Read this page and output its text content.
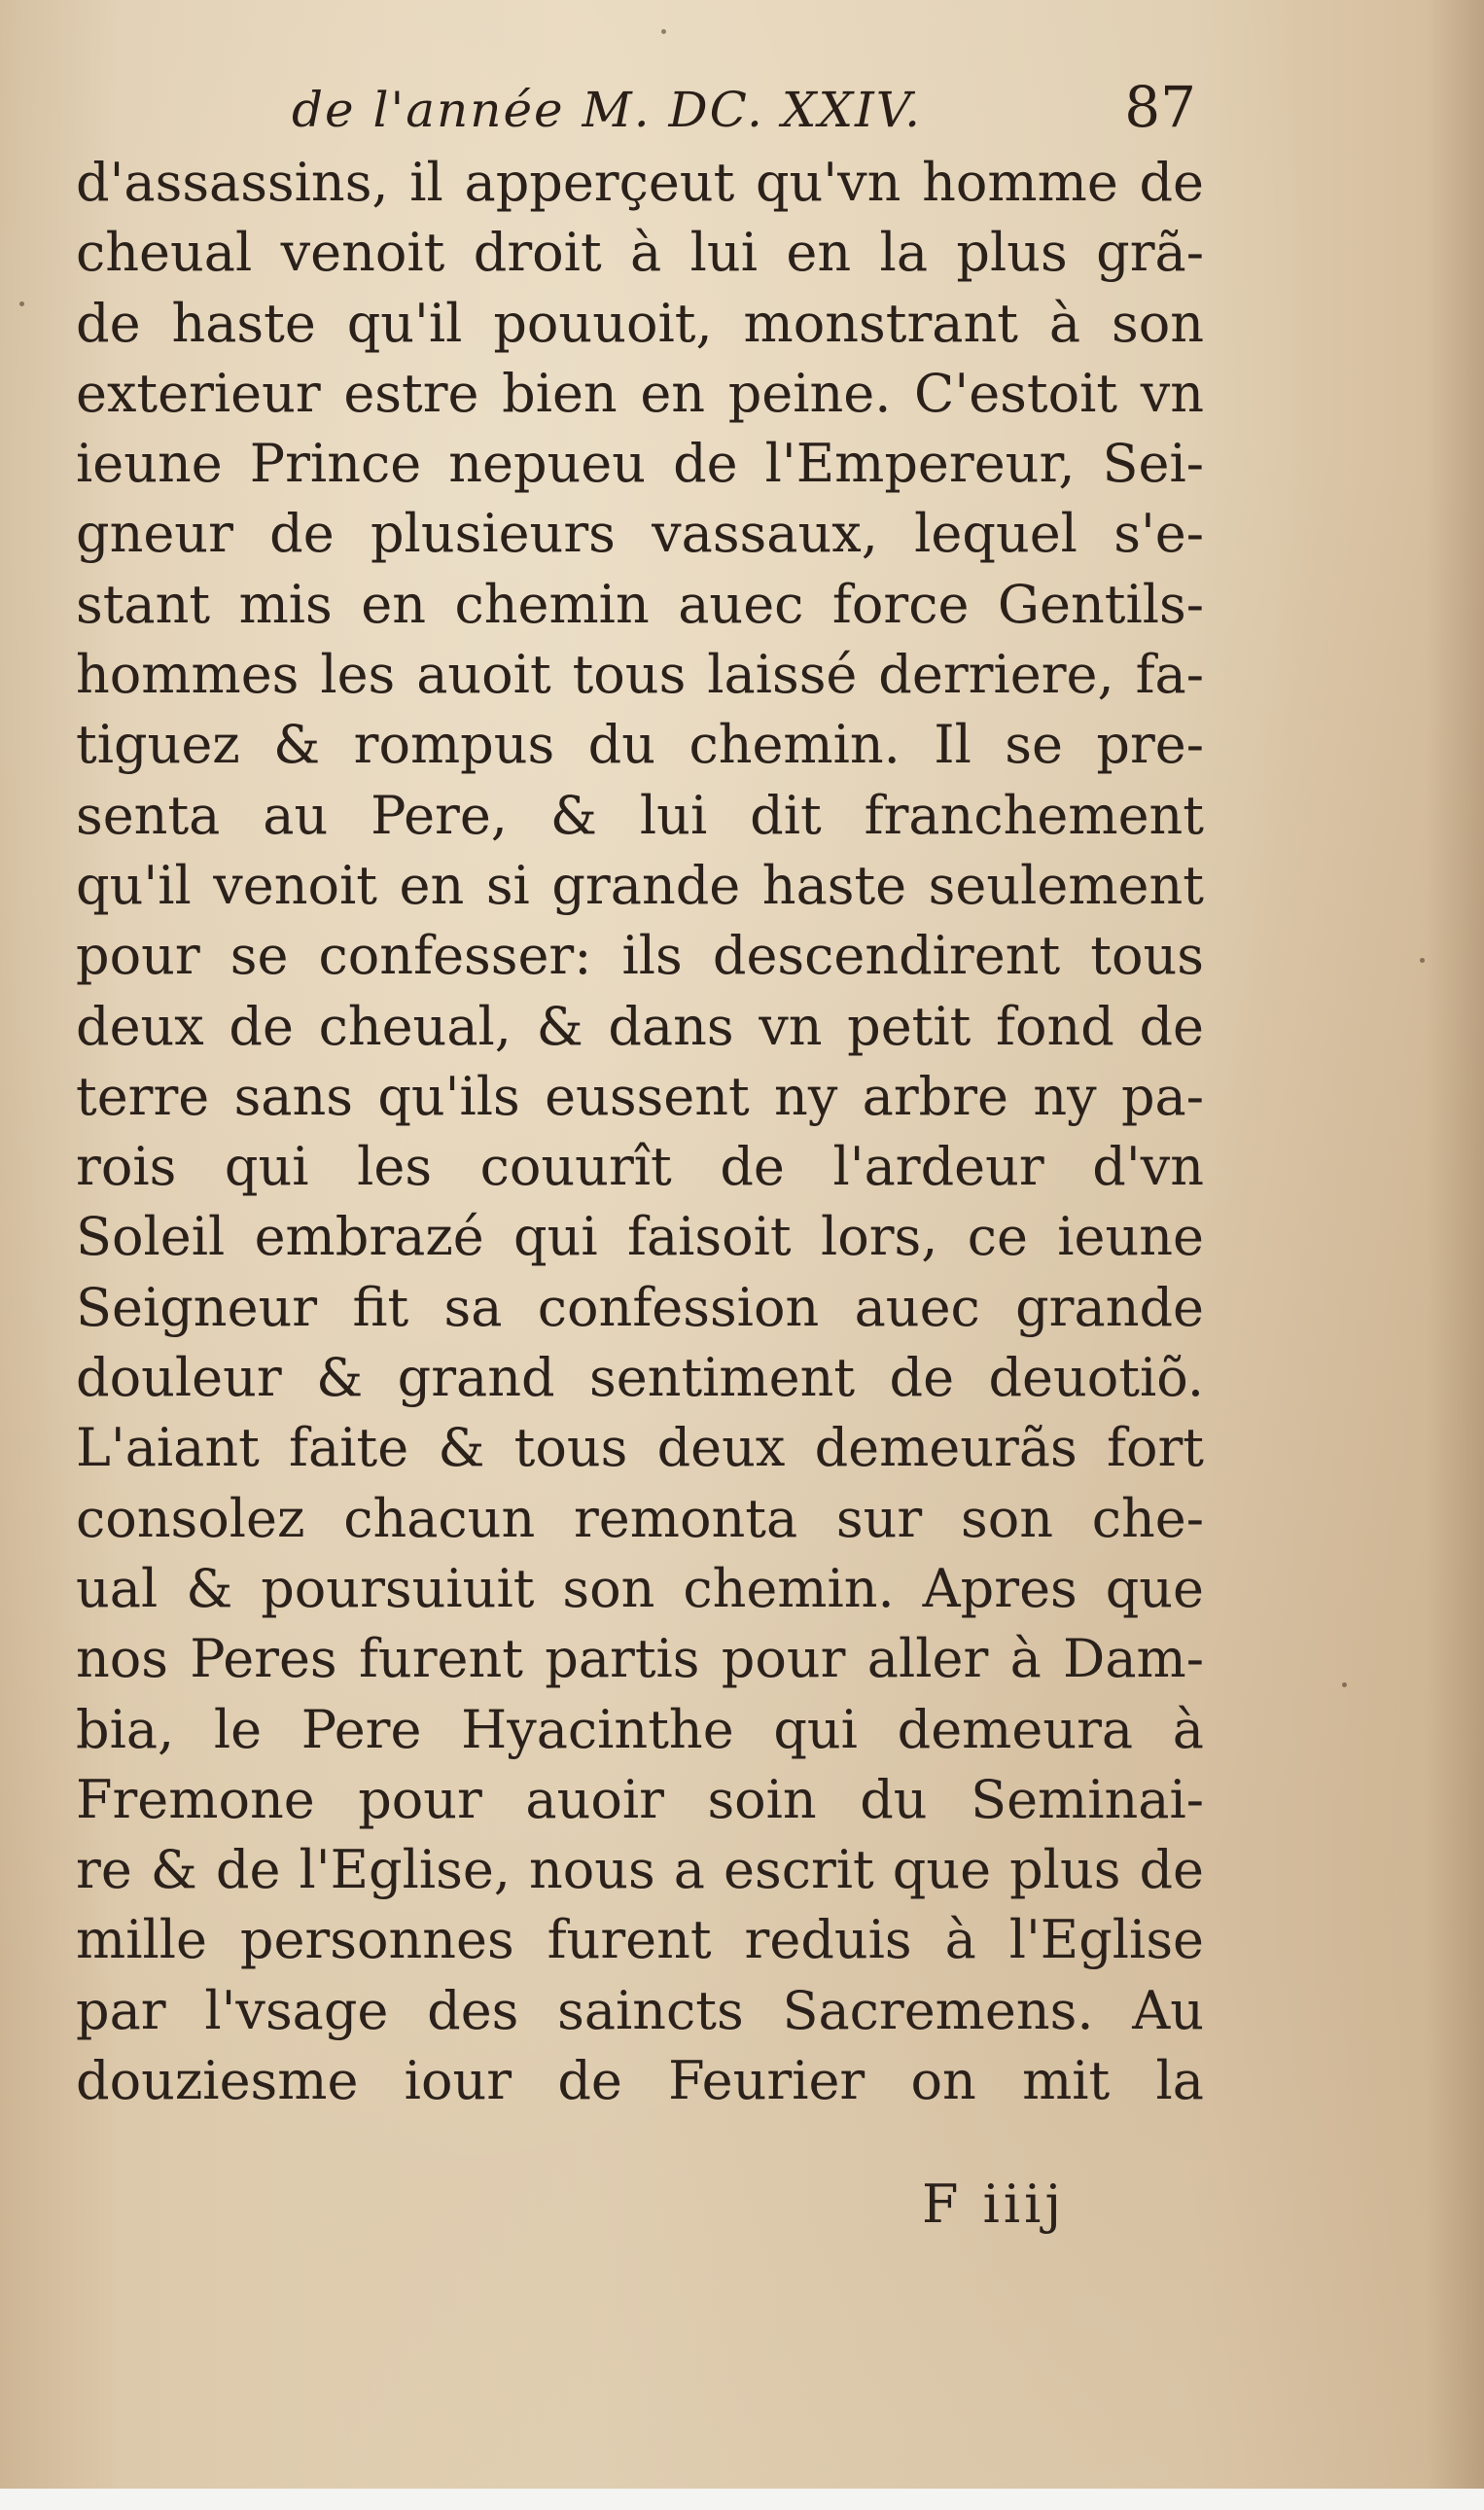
de l'année M. DC. XXIV.	87
d'assassins, il apperçeut qu'vn homme de
cheual venoit droit à lui en la plus grã-
de haste qu'il pouuoit, monstrant à son
exterieur estre bien en peine. C'estoit vn
ieune Prince nepueu de l'Empereur, Sei-
gneur de plusieurs vassaux, lequel s'e-
stant mis en chemin auec force Gentils-
hommes les auoit tous laissé derriere, fa-
tiguez & rompus du chemin. Il se pre-
senta au Pere, & lui dit franchement
qu'il venoit en si grande haste seulement
pour se confesser: ils descendirent tous
deux de cheual, & dans vn petit fond de
terre sans qu'ils eussent ny arbre ny pa-
rois qui les couurît de l'ardeur d'vn
Soleil embrazé qui faisoit lors, ce ieune
Seigneur fit sa confession auec grande
douleur & grand sentiment de deuotiõ.
L'aiant faite & tous deux demeurãs fort
consolez chacun remonta sur son che-
ual & poursuiuit son chemin. Apres que
nos Peres furent partis pour aller à Dam-
bia, le Pere Hyacinthe qui demeura à
Fremone pour auoir soin du Seminai-
re & de l'Eglise, nous a escrit que plus de
mille personnes furent reduis à l'Eglise
par l'vsage des saincts Sacremens. Au
douziesme iour de Feurier on mit la
F iiij
